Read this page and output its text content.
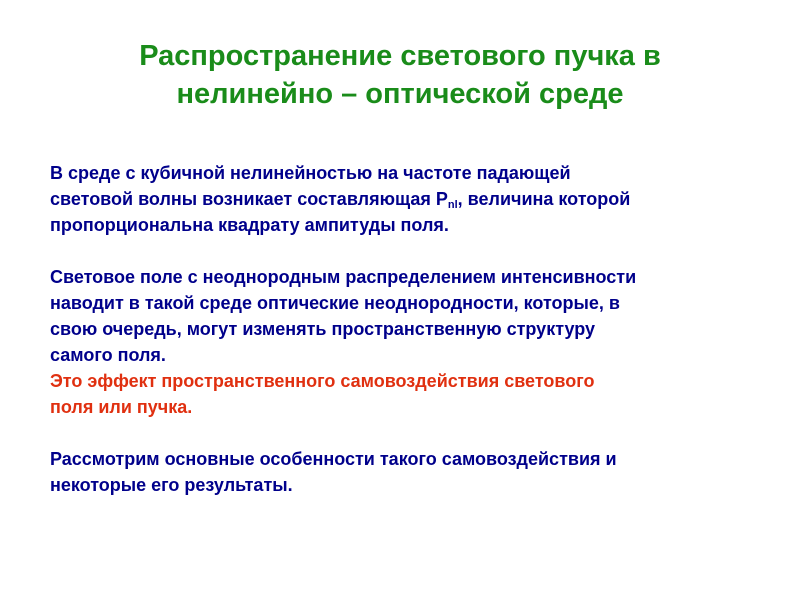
Распространение светового пучка в
нелинейно – оптической среде

В среде с кубичной нелинейностью на частоте падающей
световой волны возникает составляющая $P_{nl}$, величина которой
пропорциональна квадрату ампитуды поля.

Световое поле с неоднородным распределением интенсивности
наводит в такой среде оптические неоднородности, которые, в
свою очередь, могут изменять пространственную структуру
самого поля.
Это эффект пространственного самовоздействия светового
поля или пучка.

Рассмотрим основные особенности такого самовоздействия и
некоторые его результаты.
